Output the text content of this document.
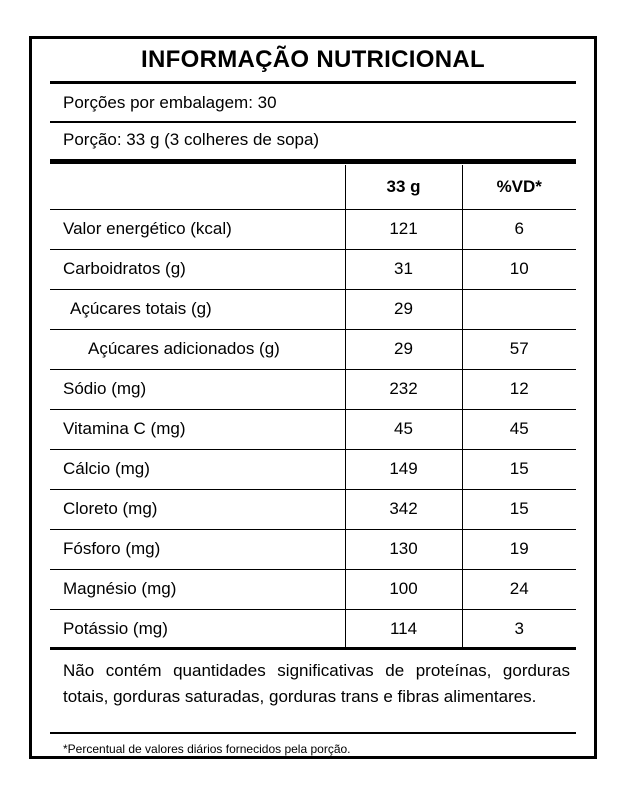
INFORMAÇÃO NUTRICIONAL
Porções por embalagem: 30
Porção: 33 g (3 colheres de sopa)
	33 g	%VD*
Valor energético (kcal)	121	6
Carboidratos (g)	31	10
Açúcares totais (g)	29	
Açúcares adicionados (g)	29	57
Sódio (mg)	232	12
Vitamina C (mg)	45	45
Cálcio (mg)	149	15
Cloreto (mg)	342	15
Fósforo (mg)	130	19
Magnésio (mg)	100	24
Potássio (mg)	114	3
Não contém quantidades significativas de proteínas, gorduras totais, gorduras saturadas, gorduras trans e fibras alimentares.
*Percentual de valores diários fornecidos pela porção.
